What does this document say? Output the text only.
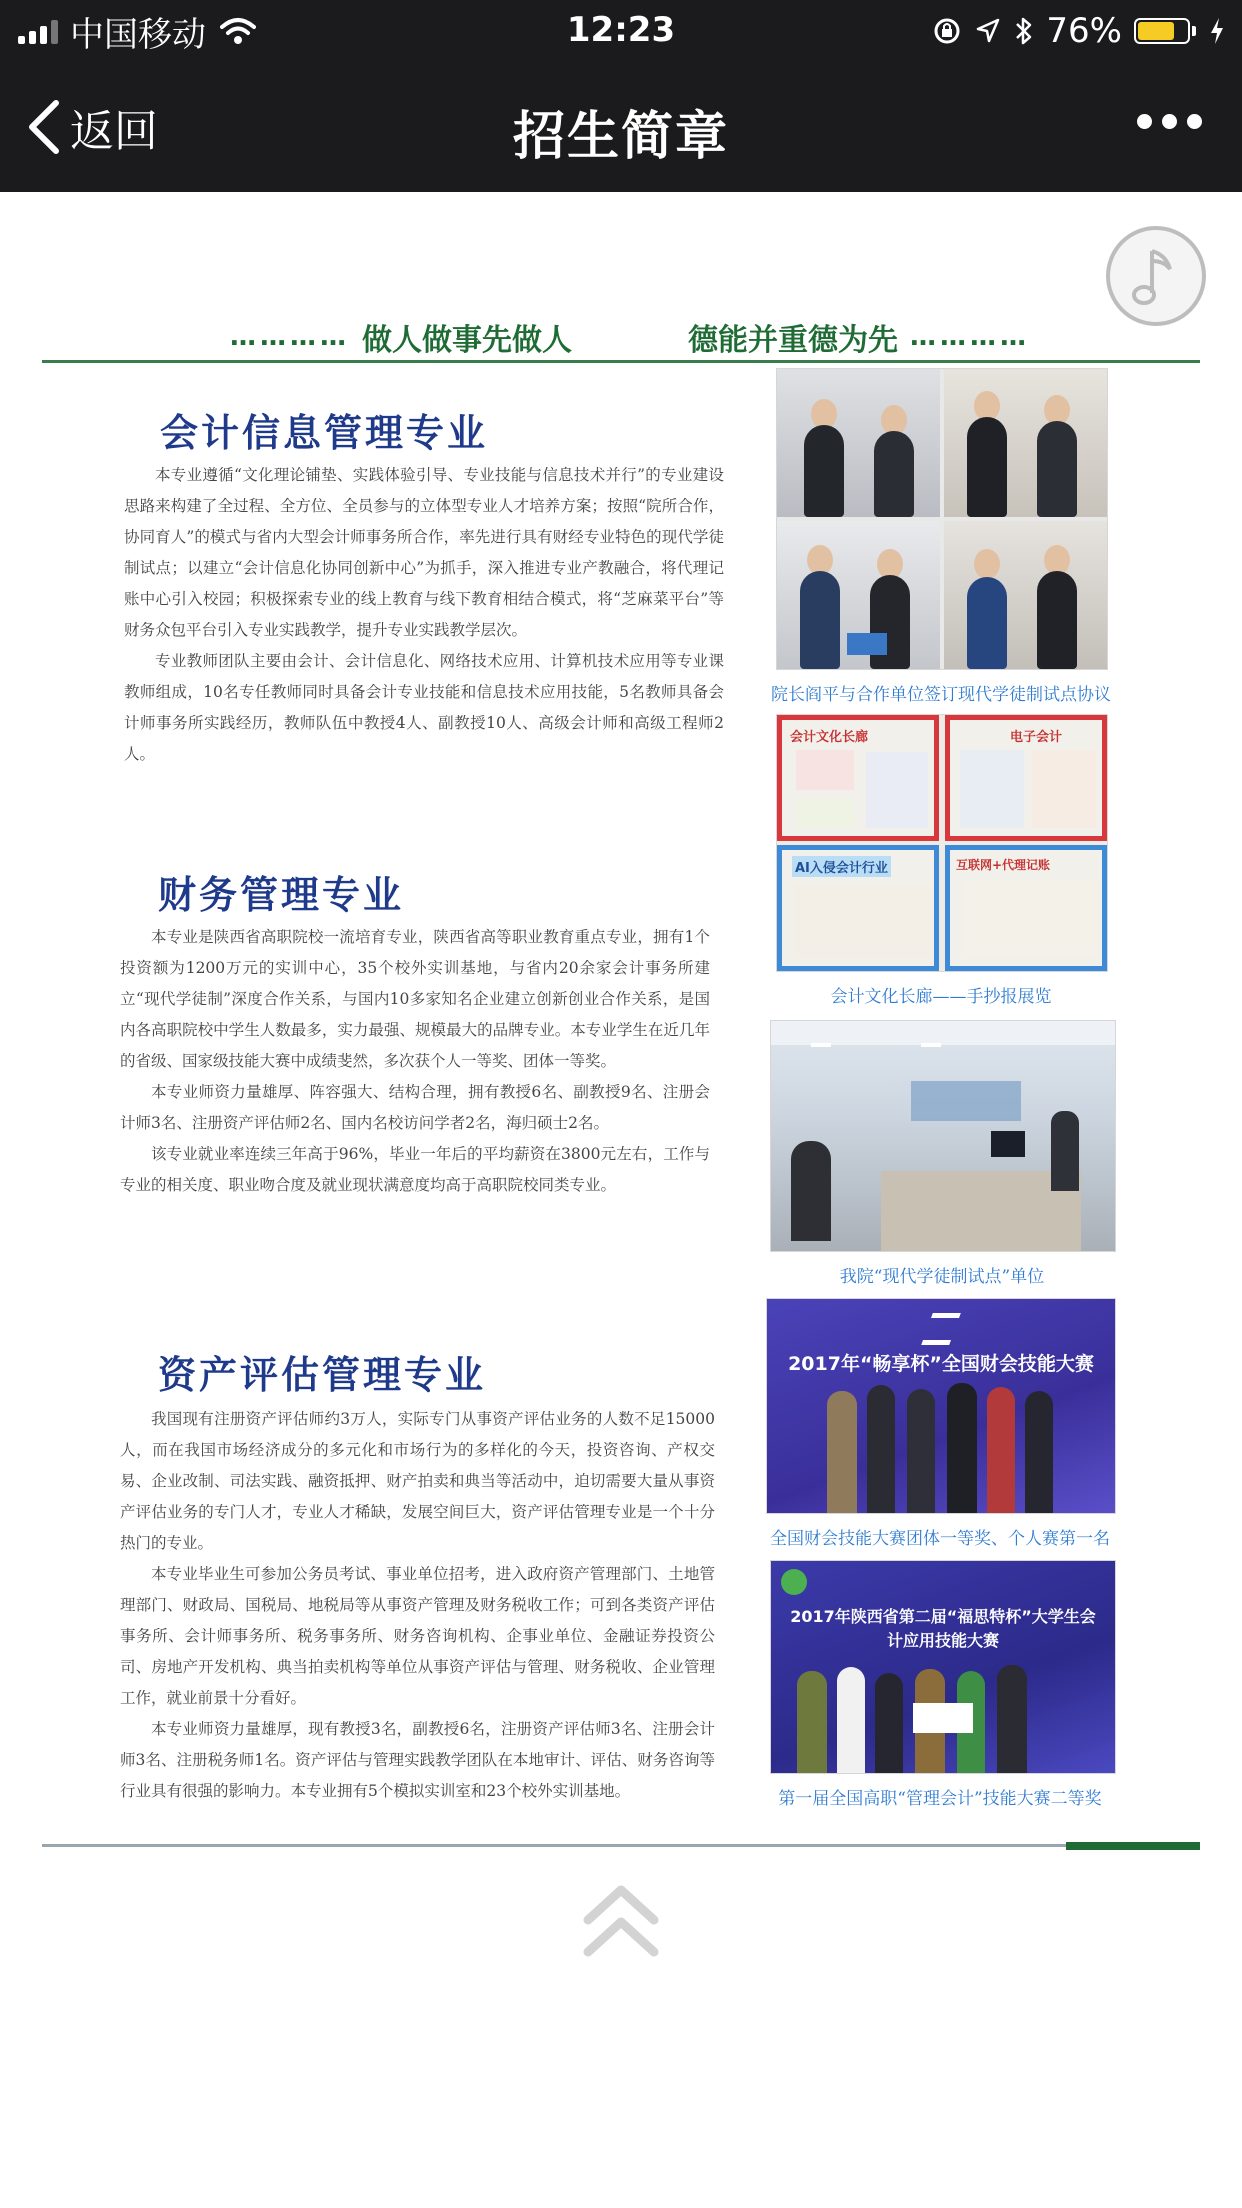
中国移动	12:23	76%
返回	招生简章
………… 做人做事先做人	德能并重德为先 …………
会计信息管理专业

本专业遵循“文化理论铺垫、实践体验引导、专业技能与信息技术并行”的专业建设思路来构建了全过程、全方位、全员参与的立体型专业人才培养方案；按照“院所合作，协同育人”的模式与省内大型会计师事务所合作，率先进行具有财经专业特色的现代学徒制试点；以建立“会计信息化协同创新中心”为抓手，深入推进专业产教融合，将代理记账中心引入校园；积极探索专业的线上教育与线下教育相结合模式，将“芝麻菜平台”等财务众包平台引入专业实践教学，提升专业实践教学层次。

专业教师团队主要由会计、会计信息化、网络技术应用、计算机技术应用等专业课教师组成，10名专任教师同时具备会计专业技能和信息技术应用技能，5名教师具备会计师事务所实践经历，教师队伍中教授4人、副教授10人、高级会计师和高级工程师2人。

财务管理专业

本专业是陕西省高职院校一流培育专业，陕西省高等职业教育重点专业，拥有1个投资额为1200万元的实训中心，35个校外实训基地，与省内20余家会计事务所建立“现代学徒制”深度合作关系，与国内10多家知名企业建立创新创业合作关系，是国内各高职院校中学生人数最多，实力最强、规模最大的品牌专业。本专业学生在近几年的省级、国家级技能大赛中成绩斐然，多次获个人一等奖、团体一等奖。

本专业师资力量雄厚、阵容强大、结构合理，拥有教授6名、副教授9名、注册会计师3名、注册资产评估师2名、国内名校访问学者2名，海归硕士2名。

该专业就业率连续三年高于96%，毕业一年后的平均薪资在3800元左右，工作与专业的相关度、职业吻合度及就业现状满意度均高于高职院校同类专业。

资产评估管理专业

我国现有注册资产评估师约3万人，实际专门从事资产评估业务的人数不足15000人，而在我国市场经济成分的多元化和市场行为的多样化的今天，投资咨询、产权交易、企业改制、司法实践、融资抵押、财产拍卖和典当等活动中，迫切需要大量从事资产评估业务的专门人才，专业人才稀缺，发展空间巨大，资产评估管理专业是一个十分热门的专业。

本专业毕业生可参加公务员考试、事业单位招考，进入政府资产管理部门、土地管理部门、财政局、国税局、地税局等从事资产管理及财务税收工作；可到各类资产评估事务所、会计师事务所、税务事务所、财务咨询机构、企事业单位、金融证券投资公司、房地产开发机构、典当拍卖机构等单位从事资产评估与管理、财务税收、企业管理工作，就业前景十分看好。

本专业师资力量雄厚，现有教授3名，副教授6名，注册资产评估师3名、注册会计师3名、注册税务师1名。资产评估与管理实践教学团队在本地审计、评估、财务咨询等行业具有很强的影响力。本专业拥有5个模拟实训室和23个校外实训基地。

院长阎平与合作单位签订现代学徒制试点协议
会计文化长廊	电子会计
AI入侵会计行业	互联网+代理记账
会计文化长廊——手抄报展览
我院“现代学徒制试点”单位
2017年“畅享杯”全国财会技能大赛
全国财会技能大赛团体一等奖、个人赛第一名
2017年陕西省第二届“福思特杯”大学生会计应用技能大赛
第一届全国高职“管理会计”技能大赛二等奖
